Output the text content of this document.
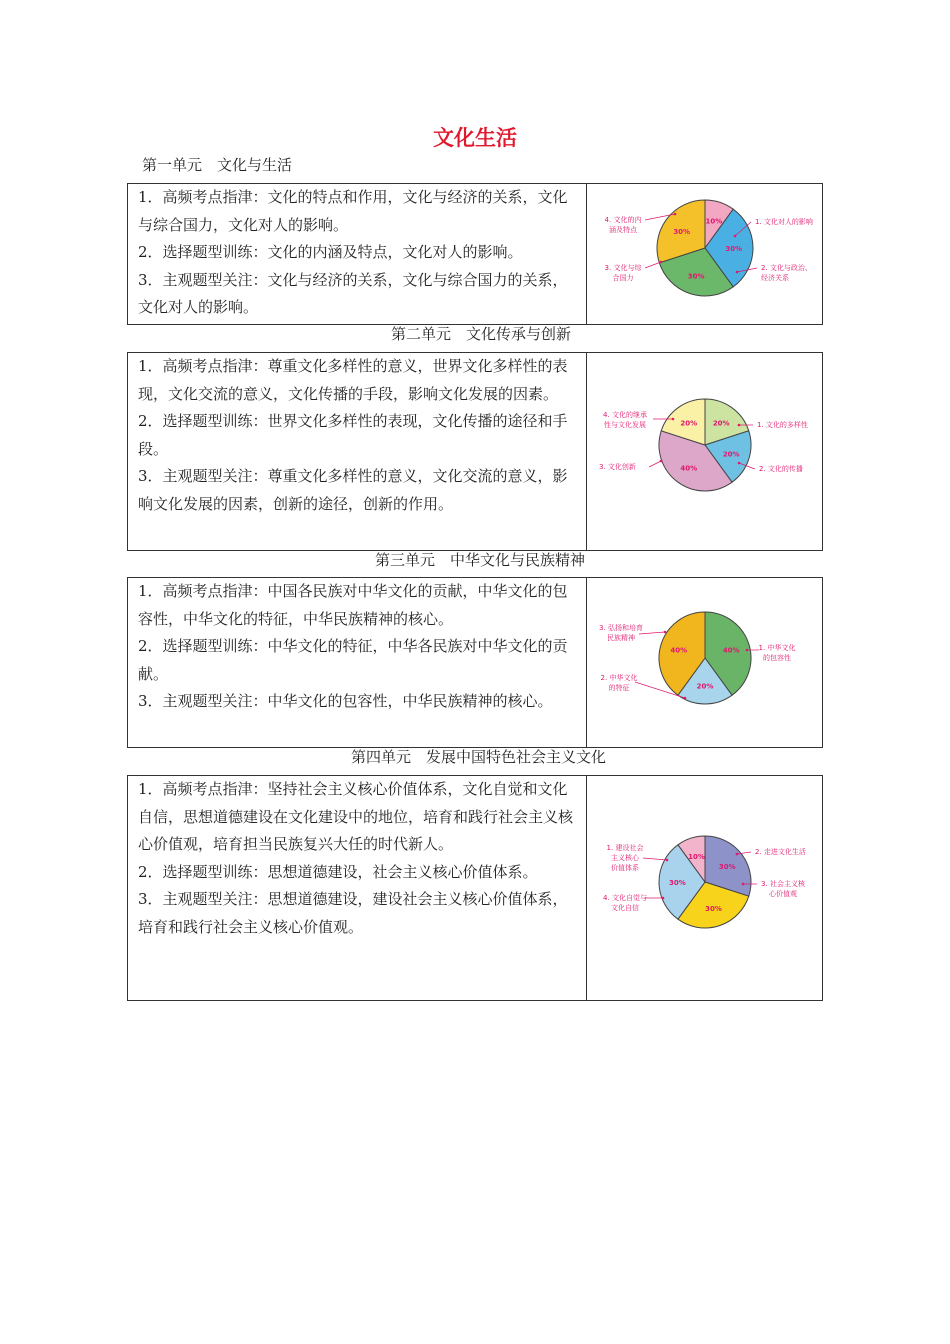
文化生活
第一单元　文化与生活

1．高频考点指津：文化的特点和作用，文化与经济的关系，文化与综合国力，文化对人的影响。

2．选择题型训练：文化的内涵及特点，文化对人的影响。

3．主观题型关注：文化与经济的关系，文化与综合国力的关系，文化对人的影响。

10%
30%
30%
30%
1. 文化对人的影响
2. 文化与政治、经济关系
3. 文化与综合国力
4. 文化的内涵及特点
第二单元　文化传承与创新

1．高频考点指津：尊重文化多样性的意义，世界文化多样性的表现，文化交流的意义，文化传播的手段，影响文化发展的因素。

2．选择题型训练：世界文化多样性的表现，文化传播的途径和手段。

3．主观题型关注：尊重文化多样性的意义，文化交流的意义，影响文化发展的因素，创新的途径，创新的作用。

20%
20%
40%
20%	1. 文化的多样性
2. 文化的传播
3. 文化创新
4. 文化的继承性与文化发展
第三单元　中华文化与民族精神

1．高频考点指津：中国各民族对中华文化的贡献，中华文化的包容性，中华文化的特征，中华民族精神的核心。

2．选择题型训练：中华文化的特征，中华各民族对中华文化的贡献。

3．主观题型关注：中华文化的包容性，中华民族精神的核心。

40%
20%
40%	1. 中华文化的包容性
2. 中华文化的特征
3. 弘扬和培育民族精神
第四单元　发展中国特色社会主义文化

1．高频考点指津：坚持社会主义核心价值体系，文化自觉和文化自信，思想道德建设在文化建设中的地位，培育和践行社会主义核心价值观，培育担当民族复兴大任的时代新人。

2．选择题型训练：思想道德建设，社会主义核心价值体系。

3．主观题型关注：思想道德建设，建设社会主义核心价值体系，培育和践行社会主义核心价值观。

30%
30%
30%
10%
2. 走进文化生活
3. 社会主义核心价值观
4. 文化自觉与文化自信
1. 建设社会主义核心价值体系
